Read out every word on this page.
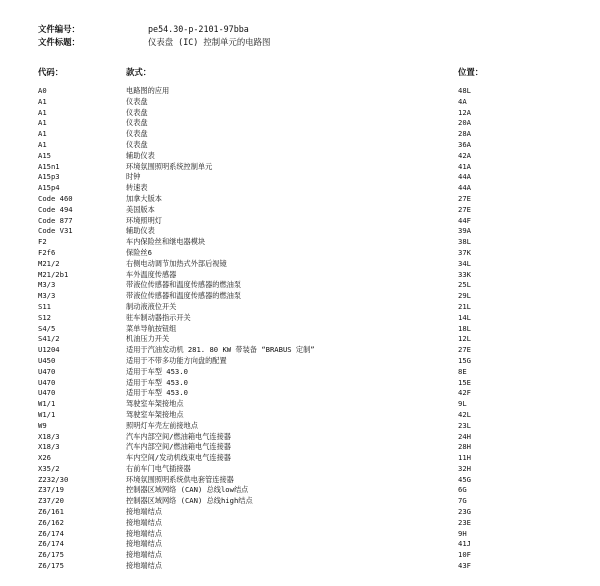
文件编号：	pe54.30-p-2101-97bba
文件标题：	仪表盘 (IC) 控制单元的电路图
代码：	款式：	位置：
A0	电路图的应用	48L
A1	仪表盘	4A
A1	仪表盘	12A
A1	仪表盘	20A
A1	仪表盘	28A
A1	仪表盘	36A
A15	辅助仪表	42A
A15n1	环境氛围照明系统控制单元	41A
A15p3	时钟	44A
A15p4	转速表	44A
Code 460	加拿大版本	27E
Code 494	美国版本	27E
Code 877	环境照明灯	44F
Code V31	辅助仪表	39A
F2	车内保险丝和继电器模块	38L
F2f6	保险丝6	37K
M21/2	右侧电动调节加热式外部后视镜	34L
M21/2b1	车外温度传感器	33K
M3/3	带液位传感器和温度传感器的燃油泵	25L
M3/3	带液位传感器和温度传感器的燃油泵	29L
S11	制动液液位开关	21L
S12	驻车制动器指示开关	14L
S4/5	菜单导航按钮组	18L
S41/2	机油压力开关	12L
U1204	适用于汽油发动机 281. 80 KW 带装备 “BRABUS 定制”	27E
U450	适用于不带多功能方向盘的配置	15G
U470	适用于车型 453.0	8E
U470	适用于车型 453.0	15E
U470	适用于车型 453.0	42F
W1/1	驾驶室车架接地点	9L
W1/1	驾驶室车架接地点	42L
W9	照明灯车壳左前接地点	23L
X18/3	汽车内部空间/燃油箱电气连接器	24H
X18/3	汽车内部空间/燃油箱电气连接器	28H
X26	车内空间/发动机线束电气连接器	11H
X35/2	右前车门电气插接器	32H
Z232/30	环境氛围照明系统供电套管连接器	45G
Z37/19	控制器区域网络 (CAN) 总线low结点	6G
Z37/20	控制器区域网络 (CAN) 总线high结点	7G
Z6/161	接地端结点	23G
Z6/162	接地端结点	23E
Z6/174	接地端结点	9H
Z6/174	接地端结点	41J
Z6/175	接地端结点	10F
Z6/175	接地端结点	43F
